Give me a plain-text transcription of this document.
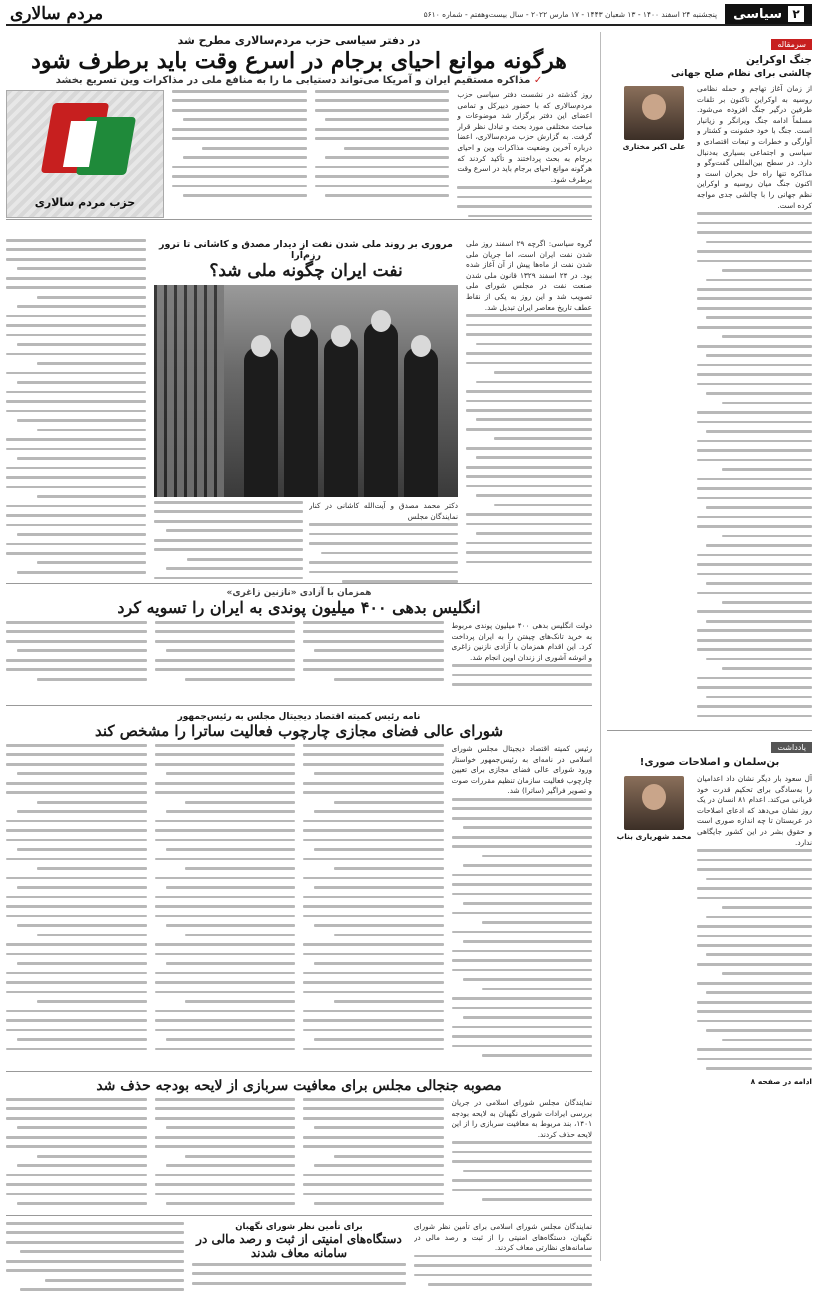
۲
سیاسی
پنجشنبه ۲۴ اسفند ۱۴۰۰ - ۱۳ شعبان ۱۴۴۳ - ۱۷ مارس ۲۰۲۲ - سال بیست‌وهفتم - شماره ۵۶۱۰
مردم سالاری
سرمقاله
جنگ اوکراین
چالشی برای نظام صلح جهانی
علی اکبر مختاری

از زمان آغاز تهاجم و حمله نظامی روسیه به اوکراین تاکنون بر تلفات طرفین درگیر جنگ افزوده می‌شود. مسلماً ادامه جنگ ویرانگر و زیانبار است. جنگ با خود خشونت و کشتار و آوارگی و خطرات و تبعات اقتصادی و سیاسی و اجتماعی بسیاری به‌دنبال دارد. در سطح بین‌المللی گفت‌وگو و مذاکره تنها راه حل بحران است و اکنون جنگ میان روسیه و اوکراین نظم جهانی را با چالشی جدی مواجه کرده است.

یادداشت
بن‌سلمان و اصلاحات صوری!
محمد شهریاری بناب

آل سعود بار دیگر نشان داد اعدامیان را به‌سادگی برای تحکیم قدرت خود قربانی می‌کند. اعدام ۸۱ انسان در یک روز نشان می‌دهد که ادعای اصلاحات در عربستان تا چه اندازه صوری است و حقوق بشر در این کشور جایگاهی ندارد.

ادامه در صفحه ۸
در دفتر سیاسی حزب مردم‌سالاری مطرح شد
هرگونه موانع احیای برجام در اسرع وقت باید برطرف شود
✓ مذاکره مستقیم ایران و آمریکا می‌تواند دستیابی ما را به منافع ملی در مذاکرات وین تسریع بخشد
حزب مردم سالاری

روز گذشته در نشست دفتر سیاسی حزب مردم‌سالاری که با حضور دبیرکل و تمامی اعضای این دفتر برگزار شد موضوعات و مباحث مختلفی مورد بحث و تبادل نظر قرار گرفت. به گزارش حزب مردم‌سالاری، اعضا درباره آخرین وضعیت مذاکرات وین و احیای برجام به بحث پرداختند و تأکید کردند که هرگونه موانع احیای برجام باید در اسرع وقت برطرف شود.

گروه سیاسی: اگرچه ۲۹ اسفند روز ملی شدن نفت ایران است، اما جریان ملی شدن نفت از ماه‌ها پیش از آن آغاز شده بود. در ۲۴ اسفند ۱۳۲۹ قانون ملی شدن صنعت نفت در مجلس شورای ملی تصویب شد و این روز به یکی از نقاط عطف تاریخ معاصر ایران تبدیل شد.

مروری بر روند ملی شدن نفت از دیدار مصدق و کاشانی تا ترور رزم‌آرا
نفت ایران چگونه ملی شد؟

دکتر محمد مصدق و آیت‌الله کاشانی در کنار نمایندگان مجلس

همزمان با آزادی «نازنین زاغری»
انگلیس بدهی ۴۰۰ میلیون پوندی به ایران را تسویه کرد

دولت انگلیس بدهی ۴۰۰ میلیون پوندی مربوط به خرید تانک‌های چیفتن را به ایران پرداخت کرد. این اقدام همزمان با آزادی نازنین زاغری و انوشه آشوری از زندان اوین انجام شد.

نامه رئیس کمیته اقتصاد دیجیتال مجلس به رئیس‌جمهور
شورای عالی فضای مجازی چارچوب فعالیت ساترا را مشخص کند

رئیس کمیته اقتصاد دیجیتال مجلس شورای اسلامی در نامه‌ای به رئیس‌جمهور خواستار ورود شورای عالی فضای مجازی برای تعیین چارچوب فعالیت سازمان تنظیم مقررات صوت و تصویر فراگیر (ساترا) شد.

مصوبه جنجالی مجلس برای معافیت سربازی از لایحه بودجه حذف شد

نمایندگان مجلس شورای اسلامی در جریان بررسی ایرادات شورای نگهبان به لایحه بودجه ۱۴۰۱، بند مربوط به معافیت سربازی را از این لایحه حذف کردند.

نمایندگان مجلس شورای اسلامی برای تأمین نظر شورای نگهبان، دستگاه‌های امنیتی را از ثبت و رصد مالی در سامانه‌های نظارتی معاف کردند.

برای تأمین نظر شورای نگهبان
دستگاه‌های امنیتی از ثبت و رصد مالی در سامانه معاف شدند
